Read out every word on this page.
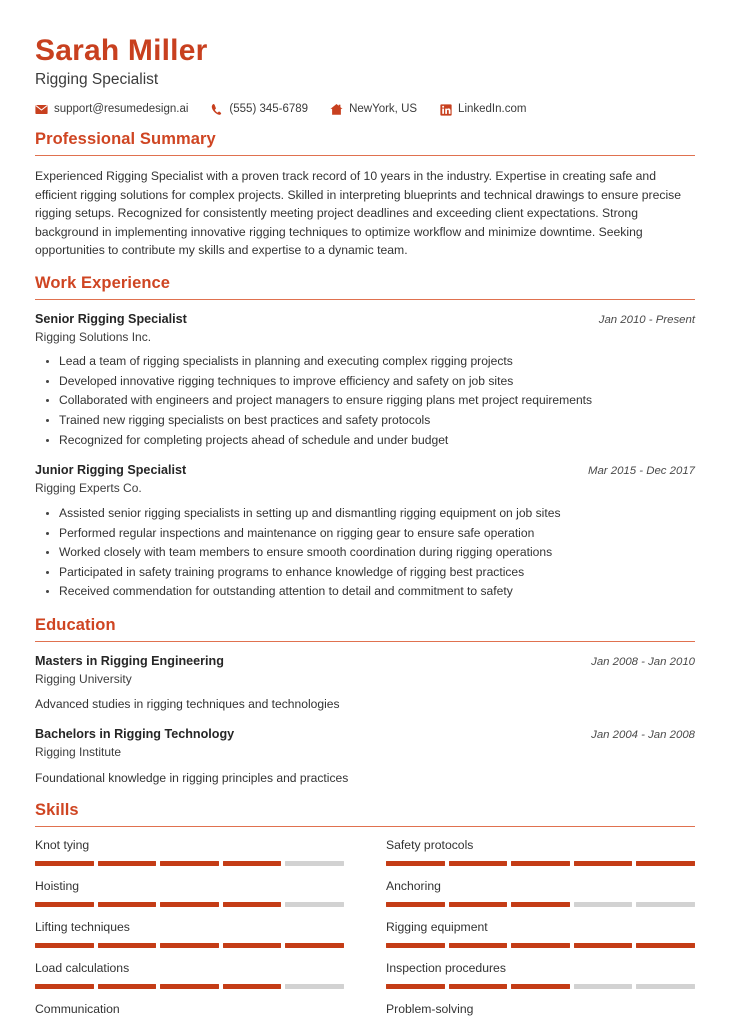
Sarah Miller
Rigging Specialist
support@resumedesign.ai	(555) 345-6789	NewYork, US	LinkedIn.com
Professional Summary

Experienced Rigging Specialist with a proven track record of 10 years in the industry. Expertise in creating safe and efficient rigging solutions for complex projects. Skilled in interpreting blueprints and technical drawings to ensure precise rigging setups. Recognized for consistently meeting project deadlines and exceeding client expectations. Strong background in implementing innovative rigging techniques to optimize workflow and minimize downtime. Seeking opportunities to contribute my skills and expertise to a dynamic team.

Work Experience
Senior Rigging Specialist	Jan 2010 - Present
Rigging Solutions Inc.
Lead a team of rigging specialists in planning and executing complex rigging projects
Developed innovative rigging techniques to improve efficiency and safety on job sites
Collaborated with engineers and project managers to ensure rigging plans met project requirements
Trained new rigging specialists on best practices and safety protocols
Recognized for completing projects ahead of schedule and under budget
Junior Rigging Specialist	Mar 2015 - Dec 2017
Rigging Experts Co.
Assisted senior rigging specialists in setting up and dismantling rigging equipment on job sites
Performed regular inspections and maintenance on rigging gear to ensure safe operation
Worked closely with team members to ensure smooth coordination during rigging operations
Participated in safety training programs to enhance knowledge of rigging best practices
Received commendation for outstanding attention to detail and commitment to safety
Education
Masters in Rigging Engineering	Jan 2008 - Jan 2010
Rigging University
Advanced studies in rigging techniques and technologies
Bachelors in Rigging Technology	Jan 2004 - Jan 2008
Rigging Institute
Foundational knowledge in rigging principles and practices
Skills
Knot tying	Safety protocols
Hoisting	Anchoring
Lifting techniques	Rigging equipment
Load calculations	Inspection procedures
Communication	Problem-solving
